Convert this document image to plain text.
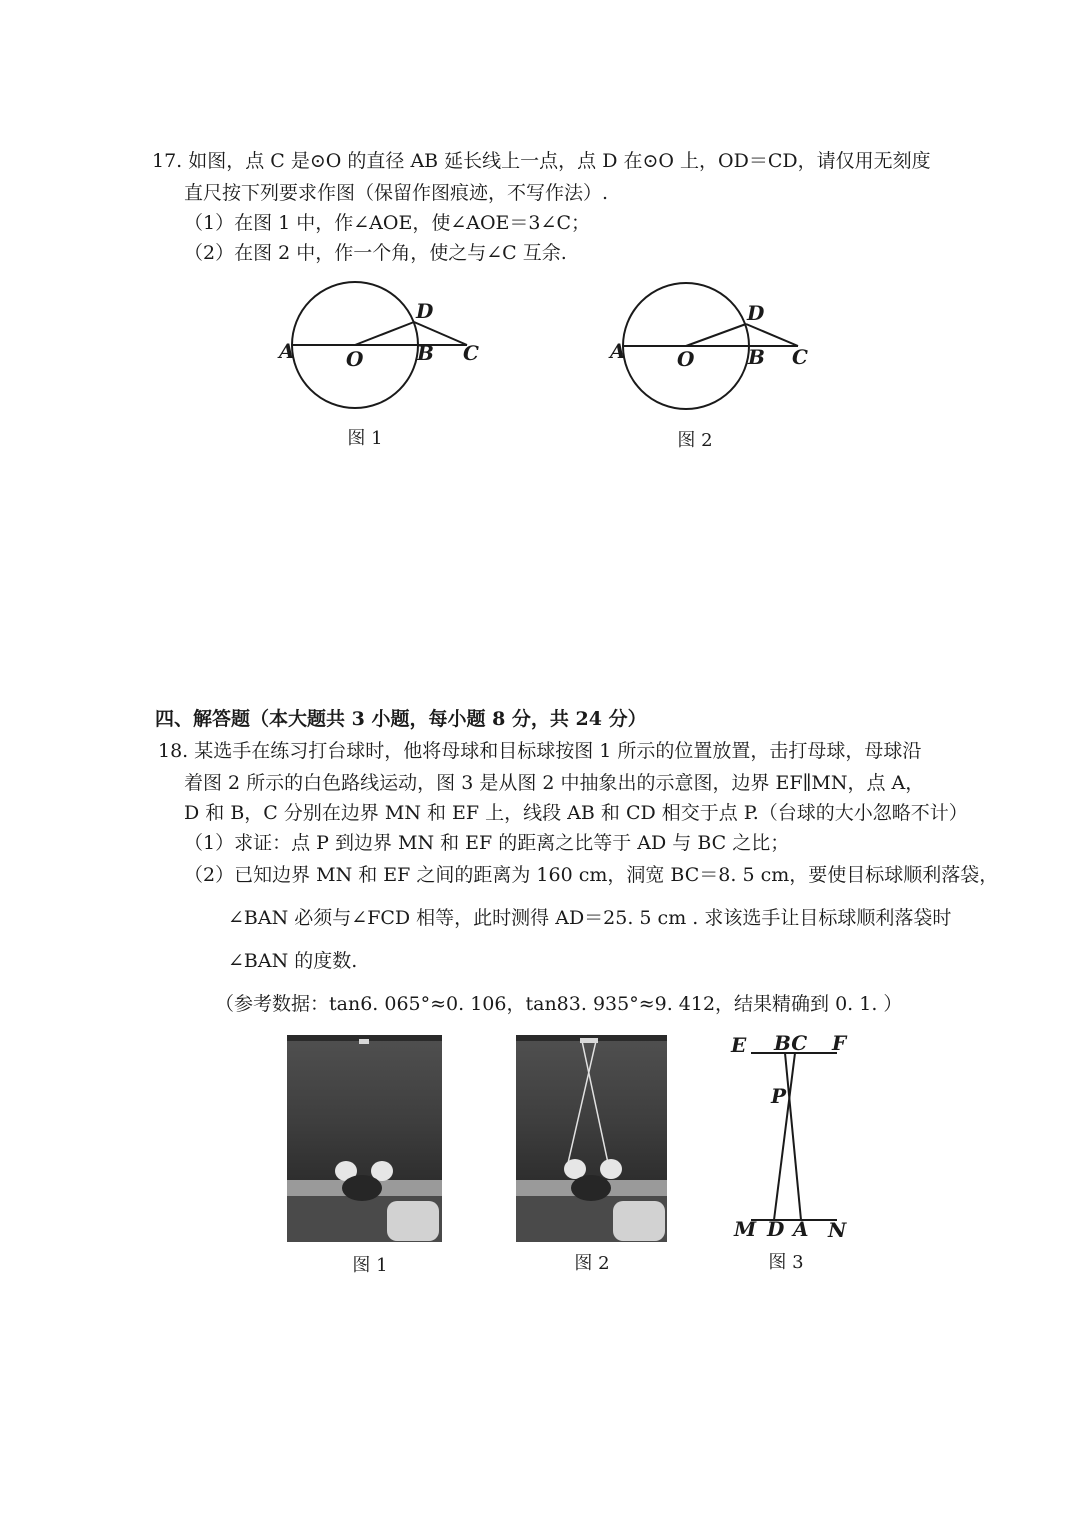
17. 如图，点 C 是⊙O 的直径 AB 延长线上一点，点 D 在⊙O 上，OD＝CD，请仅用无刻度
直尺按下列要求作图（保留作图痕迹，不写作法）.
（1）在图 1 中，作∠AOE，使∠AOE＝3∠C；
（2）在图 2 中，作一个角，使之与∠C 互余.
A	O	B C
D
图 1
A	O	B C
D
图 2
四、解答题（本大题共 3 小题，每小题 8 分，共 24 分）
18. 某选手在练习打台球时，他将母球和目标球按图 1 所示的位置放置，击打母球，母球沿
着图 2 所示的白色路线运动，图 3 是从图 2 中抽象出的示意图，边界 EF∥MN，点 A，
D 和 B，C 分别在边界 MN 和 EF 上，线段 AB 和 CD 相交于点 P.（台球的大小忽略不计）
（1）求证：点 P 到边界 MN 和 EF 的距离之比等于 AD 与 BC 之比；
（2）已知边界 MN 和 EF 之间的距离为 160 cm，洞宽 BC＝8. 5 cm，要使目标球顺利落袋，
∠BAN 必须与∠FCD 相等，此时测得 AD＝25. 5 cm . 求该选手让目标球顺利落袋时
∠BAN 的度数.
（参考数据：tan6. 065°≈0. 106，tan83. 935°≈9. 412，结果精确到 0. 1. ）
图 1	图 2
E BC F
P
M D A N
图 3
